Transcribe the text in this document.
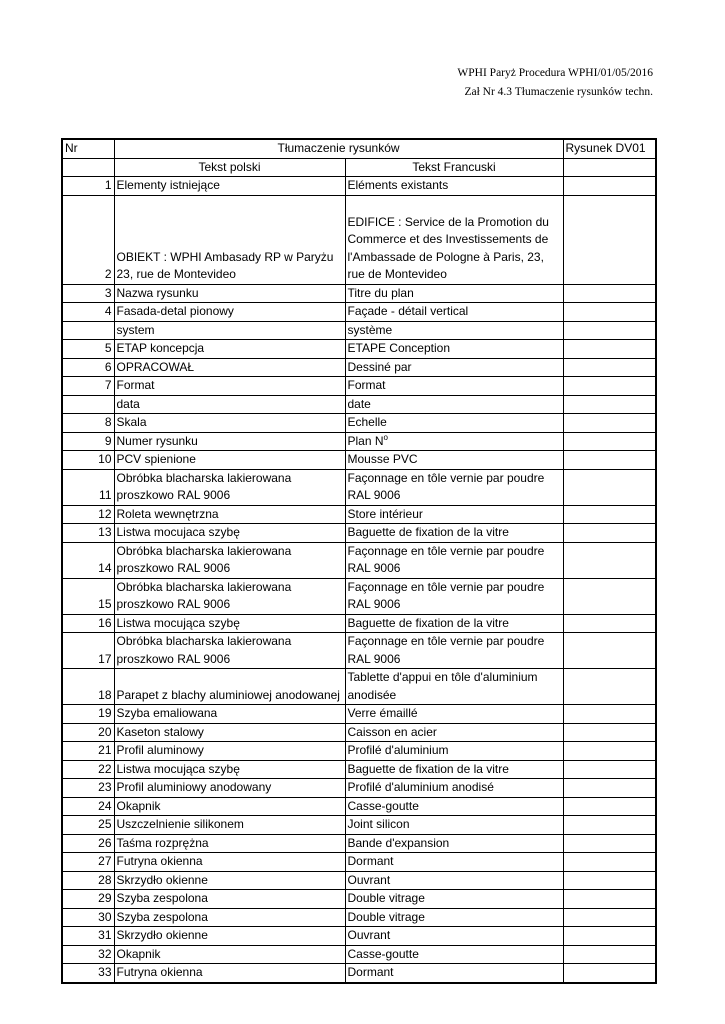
WPHI Paryż Procedura WPHI/01/05/2016
Zał Nr 4.3 Tłumaczenie rysunków techn.
Nr	Tłumaczenie rysunków		Rysunek DV01
	Tekst polski	Tekst Francuski	
1	Elementy istniejące	Eléments existants	
2	OBIEKT : WPHI Ambasady RP w Paryżu 23, rue de Montevideo	EDIFICE : Service de la Promotion du Commerce et des Investissements de l'Ambassade de Pologne à Paris, 23, rue de Montevideo	
3	Nazwa rysunku	Titre du plan	
4	Fasada-detal pionowy	Façade - détail vertical	
	system	système	
5	ETAP koncepcja	ETAPE Conception	
6	OPRACOWAŁ	Dessiné par	
7	Format	Format	
	data	date	
8	Skala	Echelle	
9	Numer rysunku	Plan $N^o$	
10	PCV spienione	Mousse PVC	
11	Obróbka blacharska lakierowana proszkowo RAL 9006	Façonnage en tôle vernie par poudre RAL 9006	
12	Roleta wewnętrzna	Store intérieur	
13	Listwa mocujaca szybę	Baguette de fixation de la vitre	
14	Obróbka blacharska lakierowana proszkowo RAL 9006	Façonnage en tôle vernie par poudre RAL 9006	
15	Obróbka blacharska lakierowana proszkowo RAL 9006	Façonnage en tôle vernie par poudre RAL 9006	
16	Listwa mocująca szybę	Baguette de fixation de la vitre	
17	Obróbka blacharska lakierowana proszkowo RAL 9006	Façonnage en tôle vernie par poudre RAL 9006	
18	Parapet z blachy aluminiowej anodowanej	Tablette d'appui en tôle d'aluminium anodisée	
19	Szyba emaliowana	Verre émaillé	
20	Kaseton stalowy	Caisson en acier	
21	Profil aluminowy	Profilé d'aluminium	
22	Listwa mocująca szybę	Baguette de fixation de la vitre	
23	Profil aluminiowy anodowany	Profilé d'aluminium anodisé	
24	Okapnik	Casse-goutte	
25	Uszczelnienie silikonem	Joint silicon	
26	Taśma rozprężna	Bande d'expansion	
27	Futryna okienna	Dormant	
28	Skrzydło okienne	Ouvrant	
29	Szyba zespolona	Double vitrage	
30	Szyba zespolona	Double vitrage	
31	Skrzydło okienne	Ouvrant	
32	Okapnik	Casse-goutte	
33	Futryna okienna	Dormant	
